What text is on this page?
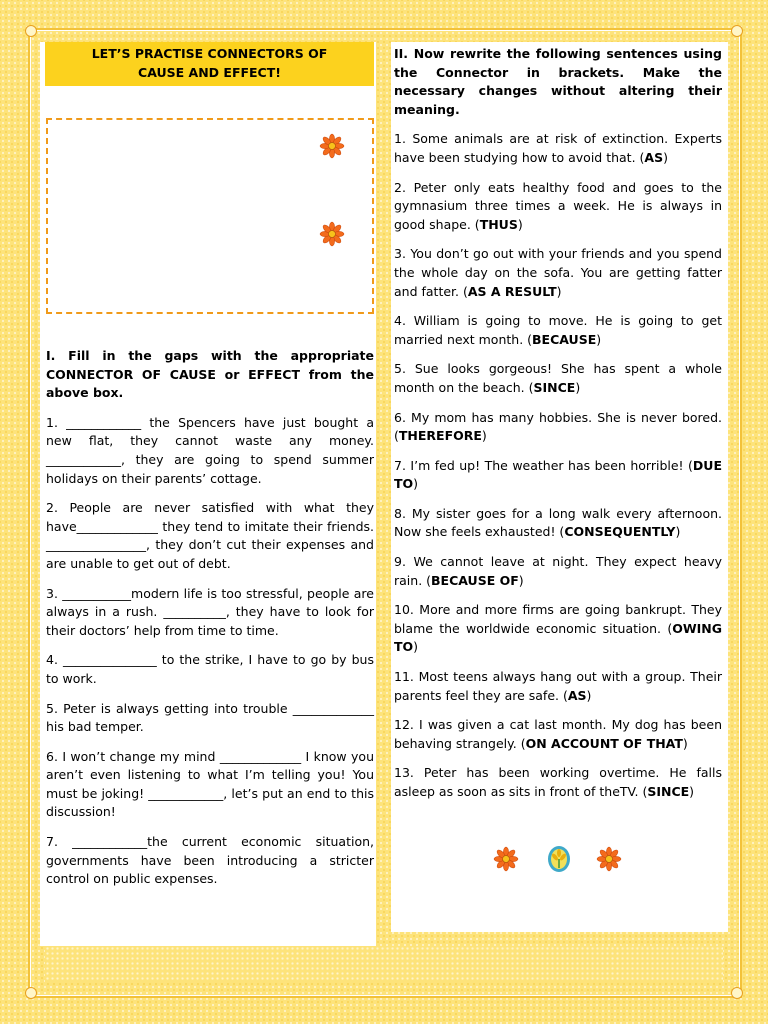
LET’S PRACTISE CONNECTORS OF
CAUSE AND EFFECT!

I. Fill in the gaps with the appropriate CONNECTOR OF CAUSE or EFFECT from the above box.

1. ____________ the Spencers have just bought a new flat, they cannot waste any money. ____________, they are going to spend summer holidays on their parents’ cottage.

2. People are never satisfied with what they have_____________ they tend to imitate their friends. ________________, they don’t cut their expenses and are unable to get out of debt.

3. ___________modern life is too stressful, people are always in a rush. __________, they have to look for their doctors’ help from time to time.

4. _______________ to the strike, I have to go by bus to work.

5. Peter is always getting into trouble _____________ his bad temper.

6. I won’t change my mind _____________ I know you aren’t even listening to what I’m telling you! You must be joking! ____________, let’s put an end to this discussion!

7. ____________the current economic situation, governments have been introducing a stricter control on public expenses.

II. Now rewrite the following sentences using the Connector in brackets. Make the necessary changes without altering their meaning.

1. Some animals are at risk of extinction. Experts have been studying how to avoid that. (AS)

2. Peter only eats healthy food and goes to the gymnasium three times a week. He is always in good shape. (THUS)

3. You don’t go out with your friends and you spend the whole day on the sofa. You are getting fatter and fatter. (AS A RESULT)

4. William is going to move. He is going to get married next month. (BECAUSE)

5. Sue looks gorgeous! She has spent a whole month on the beach. (SINCE)

6. My mom has many hobbies. She is never bored. (THEREFORE)

7. I’m fed up! The weather has been horrible! (DUE TO)

8. My sister goes for a long walk every afternoon. Now she feels exhausted! (CONSEQUENTLY)

9. We cannot leave at night. They expect heavy rain. (BECAUSE OF)

10. More and more firms are going bankrupt. They blame the worldwide economic situation. (OWING TO)

11. Most teens always hang out with a group. Their parents feel they are safe. (AS)

12. I was given a cat last month. My dog has been behaving strangely. (ON ACCOUNT OF THAT)

13. Peter has been working overtime. He falls asleep as soon as sits in front of theTV. (SINCE)
